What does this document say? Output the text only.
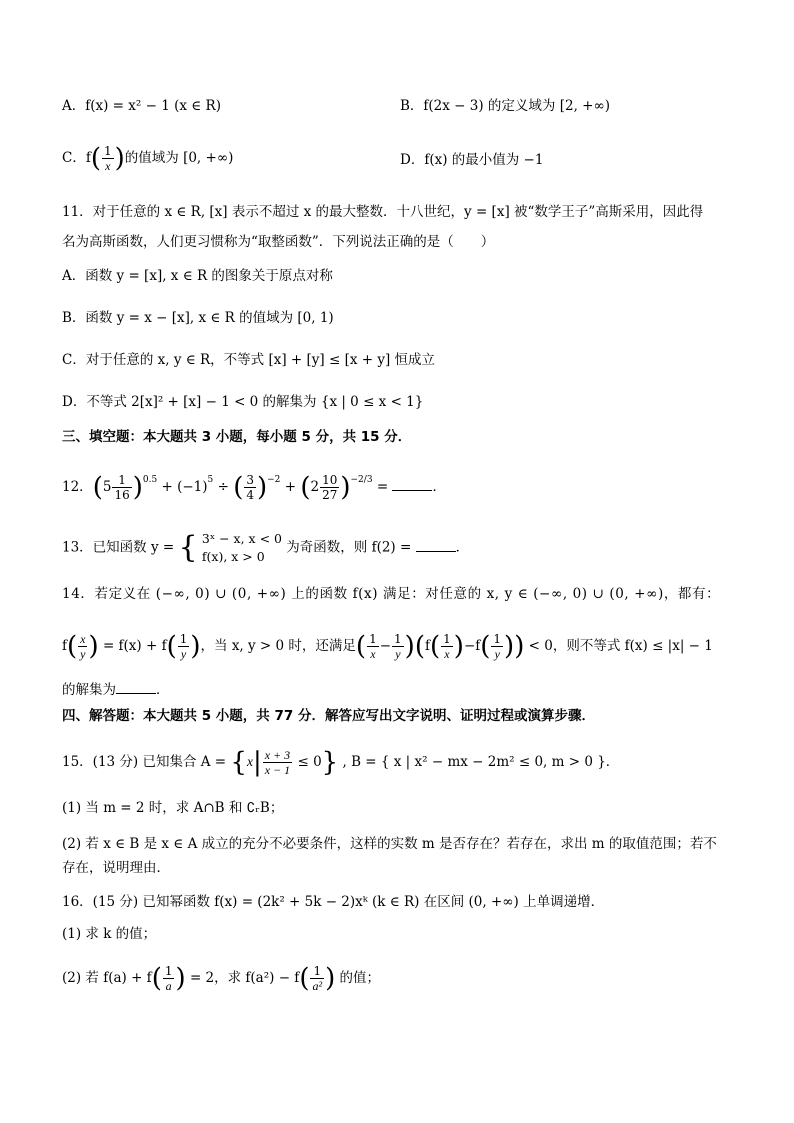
A．f(x) = x² − 1 (x ∈ R)	B．f(2x − 3) 的定义域为 [2, +∞)
C．$f( \frac{1}{x}$ )的值域为 [0, +∞)	D．f(x) 的最小值为 −1
11．对于任意的 x ∈ R, [x] 表示不超过 x 的最大整数．十八世纪，y = [x] 被“数学王子”高斯采用，因此得
名为高斯函数，人们更习惯称为“取整函数”．下列说法正确的是（　　）
A．函数 y = [x], x ∈ R 的图象关于原点对称
B．函数 y = x − [x], x ∈ R 的值域为 [0, 1)
C．对于任意的 x, y ∈ R，不等式 [x] + [y] ≤ [x + y] 恒成立
D．不等式 2[x]² + [x] − 1 < 0 的解集为 {x | 0 ≤ x < 1}
三、填空题：本大题共 3 小题，每小题 5 分，共 15 分．
12．$(5 \frac{1}{16} )^{0.5} + (-1)^5$ ÷ ( $\frac{3}{4} )^{-2} + (2 \frac{10}{27} )^{-2/3}$ =	．
13．已知函数 y = { 3ˣ − x, x < 0
f(x), x > 0
为奇函数，则 f(2) =	．
14．若定义在 (−∞, 0) ∪ (0, +∞) 上的函数 f(x) 满足：对任意的 x, y ∈ (−∞, 0) ∪ (0, +∞)，都有：
$f( \frac{x}{y}$ ) = $f(x) + f( \frac{1}{y}$ )，当 x, y > 0 时，还满足( $\frac{1}{x} - \frac{1}{y} )(f( \frac{1}{x} )-f( \frac{1}{y}$ )) < 0，则不等式 f(x) ≤ |x| − 1
的解集为	．
四、解答题：本大题共 5 小题，共 77 分．解答应写出文字说明、证明过程或演算步骤．
15．(13 分) 已知集合 $A = \{x| \frac{x + 3}{x - 1} \le 0\}$ , B = { x | x² − mx − 2m² ≤ 0, m > 0 }．
(1) 当 m = 2 时，求 A∩B 和 ∁ᵣB；
(2) 若 x ∈ B 是 x ∈ A 成立的充分不必要条件，这样的实数 m 是否存在？若存在，求出 m 的取值范围；若不
存在，说明理由．
16．(15 分) 已知幂函数 f(x) = (2k² + 5k − 2)xᵏ (k ∈ R) 在区间 (0, +∞) 上单调递增．
(1) 求 k 的值；
(2) 若 $f(a) + f( \frac{1}{a}$ ) = 2，求 $f(a^2) - f( \frac{1}{\text{a²}}$ ) 的值；
